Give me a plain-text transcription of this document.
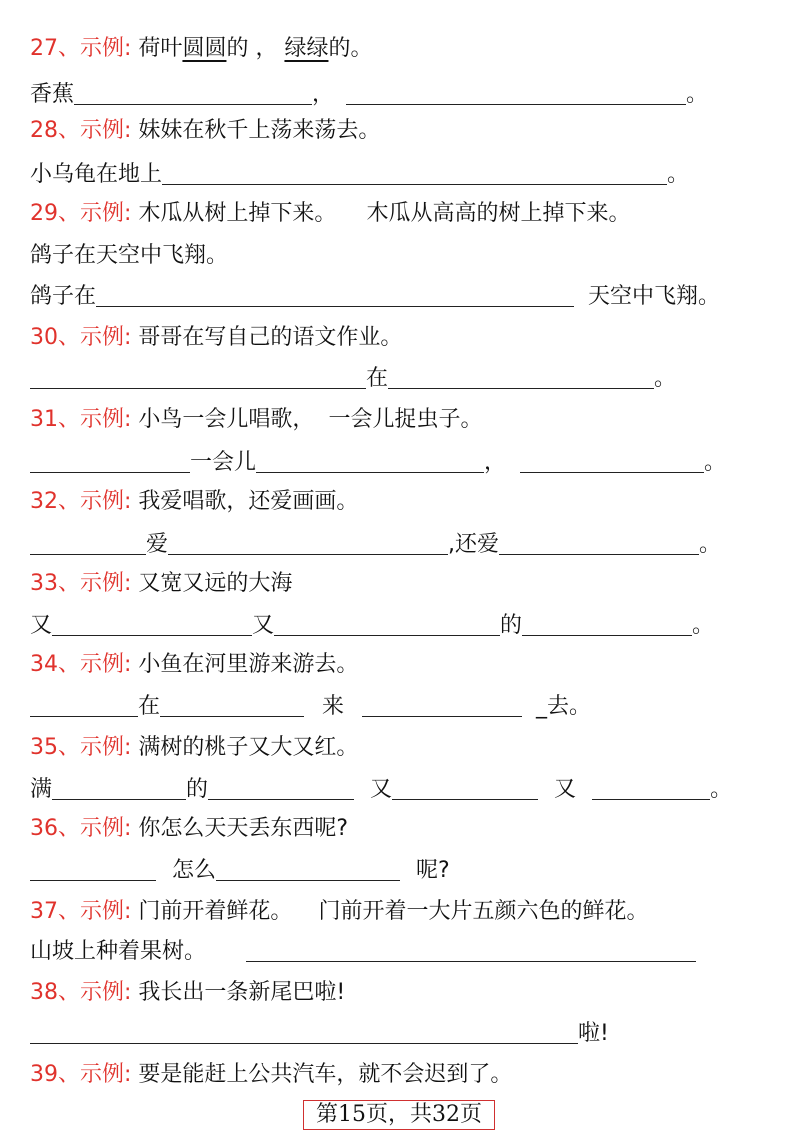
27、示例: 荷叶圆圆的 ， 绿绿的。
香蕉	，	。
28、示例: 妹妹在秋千上荡来荡去。
小乌龟在地上	。
29、示例: 木瓜从树上掉下来。 木瓜从高高的树上掉下来。
鸽子在天空中飞翔。
鸽子在	天空中飞翔。
30、示例: 哥哥在写自己的语文作业。
在	。
31、示例: 小鸟一会儿唱歌， 一会儿捉虫子。
一会儿	，	。
32、示例: 我爱唱歌，还爱画画。
爱	,还爱	。
33、示例: 又宽又远的大海
又	又	的	。
34、示例: 小鱼在河里游来游去。
在	来	_去。
35、示例: 满树的桃子又大又红。
满	的	又	又	。
36、示例: 你怎么天天丢东西呢?
怎么	呢?
37、示例: 门前开着鲜花。 门前开着一大片五颜六色的鲜花。
山坡上种着果树。
38、示例: 我长出一条新尾巴啦!
啦!
39、示例: 要是能赶上公共汽车，就不会迟到了。
第15页，共32页
